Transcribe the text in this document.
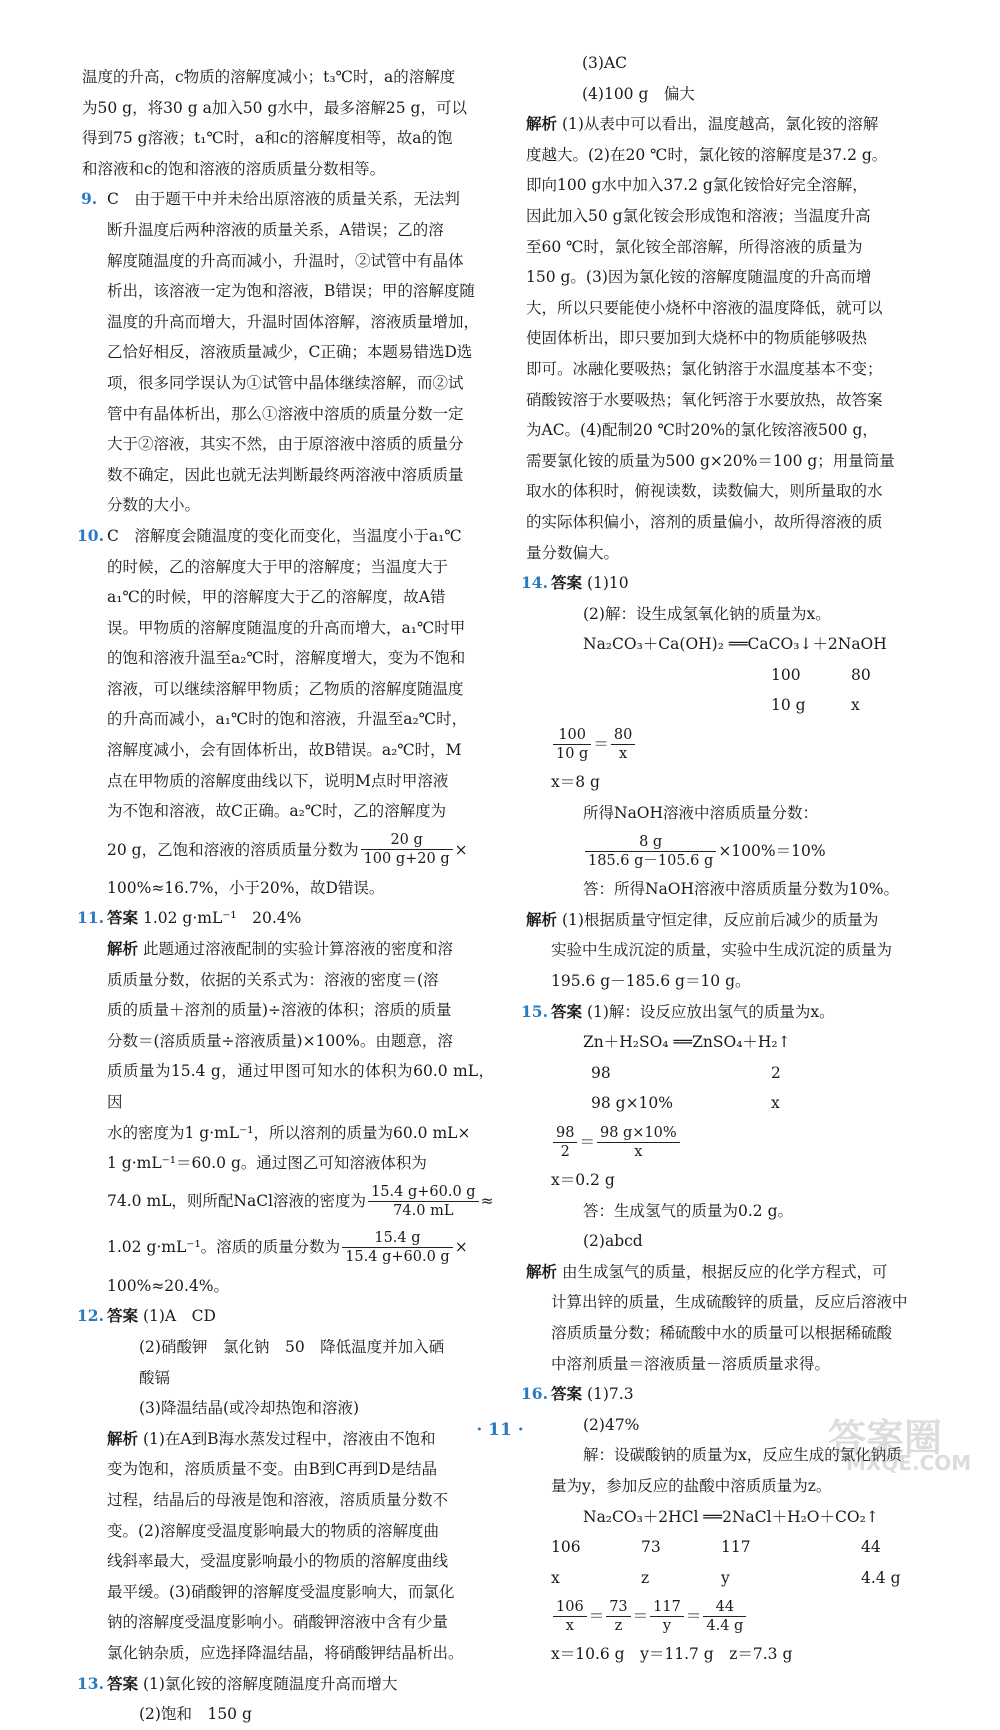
温度的升高，c物质的溶解度减小；t₃℃时，a的溶解度

为50 g，将30 g a加入50 g水中，最多溶解25 g，可以

得到75 g溶液；t₁℃时，a和c的溶解度相等，故a的饱

和溶液和c的饱和溶液的溶质质量分数相等。

9. C　由于题干中并未给出原溶液的质量关系，无法判

断升温度后两种溶液的质量关系，A错误；乙的溶

解度随温度的升高而减小，升温时，②试管中有晶体

析出，该溶液一定为饱和溶液，B错误；甲的溶解度随

温度的升高而增大，升温时固体溶解，溶液质量增加，

乙恰好相反，溶液质量减少，C正确；本题易错选D选

项，很多同学误认为①试管中晶体继续溶解，而②试

管中有晶体析出，那么①溶液中溶质的质量分数一定

大于②溶液，其实不然，由于原溶液中溶质的质量分

数不确定，因此也就无法判断最终两溶液中溶质质量

分数的大小。

10. C　溶解度会随温度的变化而变化，当温度小于a₁℃

的时候，乙的溶解度大于甲的溶解度；当温度大于

a₁℃的时候，甲的溶解度大于乙的溶解度，故A错

误。甲物质的溶解度随温度的升高而增大，a₁℃时甲

的饱和溶液升温至a₂℃时，溶解度增大，变为不饱和

溶液，可以继续溶解甲物质；乙物质的溶解度随温度

的升高而减小，a₁℃时的饱和溶液，升温至a₂℃时，

溶解度减小，会有固体析出，故B错误。a₂℃时，M

点在甲物质的溶解度曲线以下，说明M点时甲溶液

为不饱和溶液，故C正确。a₂℃时，乙的溶解度为

20 g，乙饱和溶液的溶质质量分数为 $\frac{20 g}{100 g+20 g}$ ×

100%≈16.7%，小于20%，故D错误。

11. 答案 1.02 g·mL⁻¹　20.4%

解析 此题通过溶液配制的实验计算溶液的密度和溶

质质量分数，依据的关系式为：溶液的密度＝(溶

质的质量＋溶剂的质量)÷溶液的体积；溶质的质量

分数＝(溶质质量÷溶液质量)×100%。由题意，溶

质质量为15.4 g，通过甲图可知水的体积为60.0 mL，因

水的密度为1 g·mL⁻¹，所以溶剂的质量为60.0 mL×

1 g·mL⁻¹＝60.0 g。通过图乙可知溶液体积为

74.0 mL，则所配NaCl溶液的密度为 $\frac{15.4 g+60.0 g}{74.0 mL}$ ≈
1.02 g·mL⁻¹。溶质的质量分数为 $\frac{15.4 g}{15.4 g+60.0 g}$ ×

100%≈20.4%。

12. 答案 (1)A　CD

(2)硝酸钾　氯化钠　50　降低温度并加入硒

酸镉

(3)降温结晶(或冷却热饱和溶液)

解析 (1)在A到B海水蒸发过程中，溶液由不饱和

变为饱和，溶质质量不变。由B到C再到D是结晶

过程，结晶后的母液是饱和溶液，溶质质量分数不

变。(2)溶解度受温度影响最大的物质的溶解度曲

线斜率最大，受温度影响最小的物质的溶解度曲线

最平缓。(3)硝酸钾的溶解度受温度影响大，而氯化

钠的溶解度受温度影响小。硝酸钾溶液中含有少量

氯化钠杂质，应选择降温结晶，将硝酸钾结晶析出。

13. 答案 (1)氯化铵的溶解度随温度升高而增大

(2)饱和　150 g

(3)AC

(4)100 g　偏大

解析 (1)从表中可以看出，温度越高，氯化铵的溶解

度越大。(2)在20 ℃时，氯化铵的溶解度是37.2 g。

即向100 g水中加入37.2 g氯化铵恰好完全溶解，

因此加入50 g氯化铵会形成饱和溶液；当温度升高

至60 ℃时，氯化铵全部溶解，所得溶液的质量为

150 g。(3)因为氯化铵的溶解度随温度的升高而增

大，所以只要能使小烧杯中溶液的温度降低，就可以

使固体析出，即只要加到大烧杯中的物质能够吸热

即可。冰融化要吸热；氯化钠溶于水温度基本不变；

硝酸铵溶于水要吸热；氧化钙溶于水要放热，故答案

为AC。(4)配制20 ℃时20%的氯化铵溶液500 g，

需要氯化铵的质量为500 g×20%＝100 g；用量筒量

取水的体积时，俯视读数，读数偏大，则所量取的水

的实际体积偏小，溶剂的质量偏小，故所得溶液的质

量分数偏大。

14. 答案 (1)10

(2)解：设生成氢氧化钠的质量为x。

Na₂CO₃＋Ca(OH)₂ ══CaCO₃↓＋2NaOH

100	80

10 g	x

$\frac{100}{10 g} = \frac{80}{x}$

x＝8 g

所得NaOH溶液中溶质质量分数：

$\frac{8 g}{185.6 g-105.6 g} \times 100\%=10\%$

答：所得NaOH溶液中溶质质量分数为10%。

解析 (1)根据质量守恒定律，反应前后减少的质量为

实验中生成沉淀的质量，实验中生成沉淀的质量为

195.6 g－185.6 g＝10 g。

15. 答案 (1)解：设反应放出氢气的质量为x。

Zn＋H₂SO₄ ══ZnSO₄＋H₂↑

98	2

98 g×10%	x

$\frac{98}{2} = \frac{98 g\times 10\%}{x}$

x＝0.2 g

答：生成氢气的质量为0.2 g。

(2)abcd

解析 由生成氢气的质量，根据反应的化学方程式，可

计算出锌的质量，生成硫酸锌的质量，反应后溶液中

溶质质量分数；稀硫酸中水的质量可以根据稀硫酸

中溶剂质量＝溶液质量－溶质质量求得。

16. 答案 (1)7.3

(2)47%

解：设碳酸钠的质量为x，反应生成的氯化钠质

量为y，参加反应的盐酸中溶质质量为z。

Na₂CO₃＋2HCl ══2NaCl＋H₂O＋CO₂↑

106	73	117	44

x	z	y	4.4 g

$\frac{106}{x} = \frac{73}{z} = \frac{117}{y} = \frac{44}{4.4 g}$

x＝10.6 g　y＝11.7 g　z＝7.3 g

· 11 ·	答案圈
MXQE.COM
